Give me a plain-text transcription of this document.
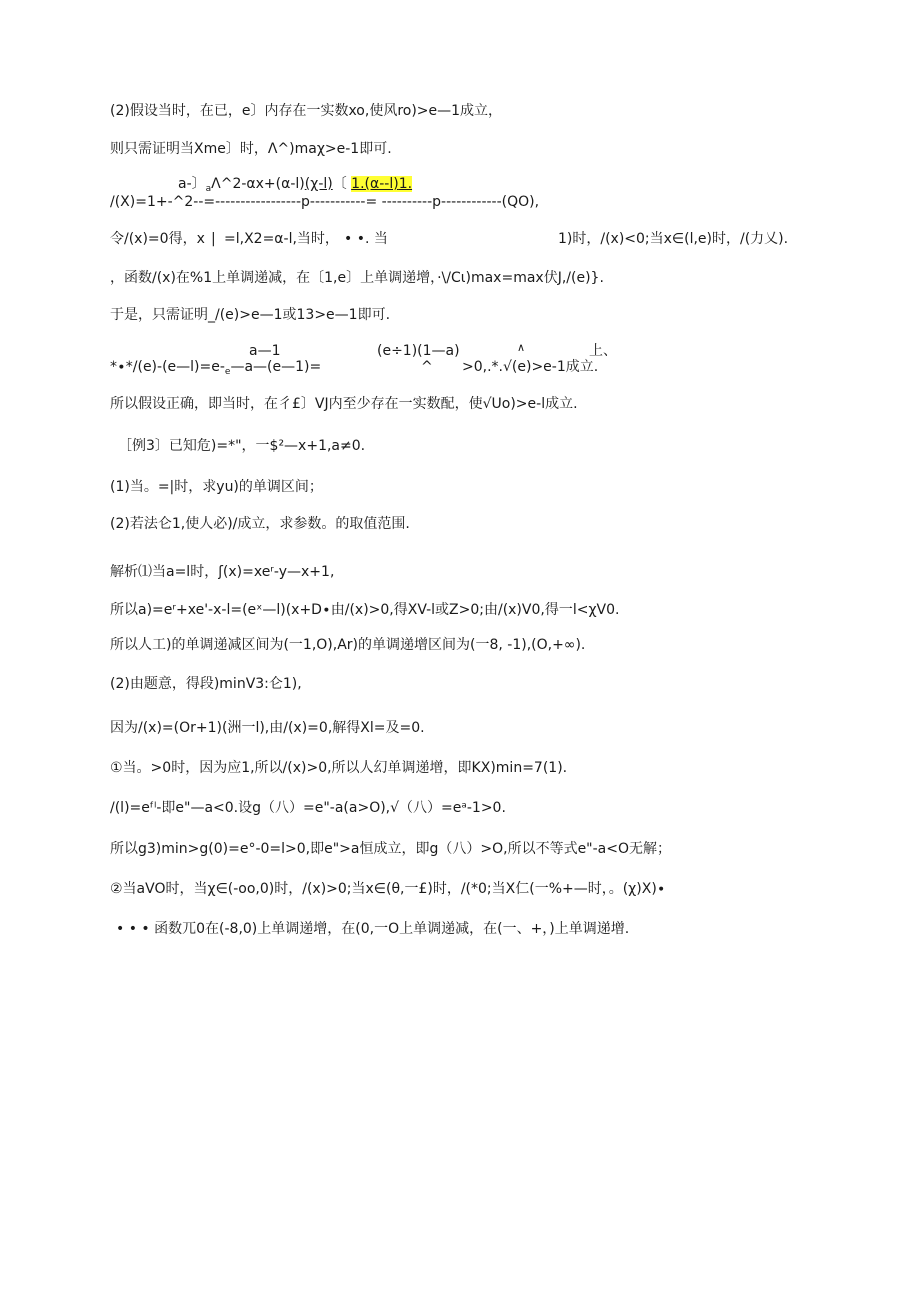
(2)假设当时，在已，e〕内存在一实数xo,使风ro)>e—1成立，
则只需证明当Xme〕时，Λ^)maχ>e-1即可.
a-〕$_a$Λ^2-αx+(α-l)(χ-l)〔 1.(α--l)1.
/(X)=1+-^2--=-----------------p-----------= ----------p------------(QO),
令/(x)=0得，x | =l,X2=α-l,当时， • •. 当	1)时，/(x)<0;当x∈(l,e)时，/(力乂).
，函数/(x)在%1上单调递减，在〔1,e〕上单调递增，·\/Cι)max=max伏J,/(e)}.
于是，只需证明_/(e)>e—1或13>e—1即可.
a—1	(e÷1)(1—a)	∧	上、
$*\cdot*/(e)-(e—l)=e-_e—a—(e—1)=$	^ >0,.*.√(e)>e-1成立.
所以假设正确，即当时，在彳£〕VJ内至少存在一实数配，使√Uo)>e-l成立.
［例3〕已知危)=*"，一$²—x+1,a≠0.
(1)当。=|时，求yu)的单调区间；
(2)若法仑1,使人必)/成立，求参数。的取值范围.
解析⑴当a=l时，ʃ(x)=xeʳ-y—x+1,
所以a)=eʳ+xe'-x-l=(eˣ—l)(x+D∙由/(x)>0,得XV-l或Z>0;由/(x)V0,得一l<χV0.
所以人工)的单调递减区间为(一1,O),Ar)的单调递增区间为(一8, -1),(O,+∞).
(2)由题意，得段)minV3:仑1),
因为/(x)=(Or+1)(洲一l),由/(x)=0,解得Xl=及=0.
①当。>0时，因为应1,所以/(x)>0,所以人幻单调递增，即KX)min=7(1).
/(l)=eᶠˡ-即e"—a<0.设g（八）=e"-a(a>O),√（八）=eᵃ-1>0.
所以g3)min>g(0)=e°-0=l>0,即e">a恒成立，即g（八）>O,所以不等式e"-a<O无解；
②当aVO时，当χ∈(-oo,0)时，/(x)>0;当x∈(θ,一£)时，/(*0;当X仁(一%+—时，。(χ)X)∙
• • • 函数兀0在(-8,0)上单调递增，在(0,一O上单调递减，在(一、+，)上单调递增.
